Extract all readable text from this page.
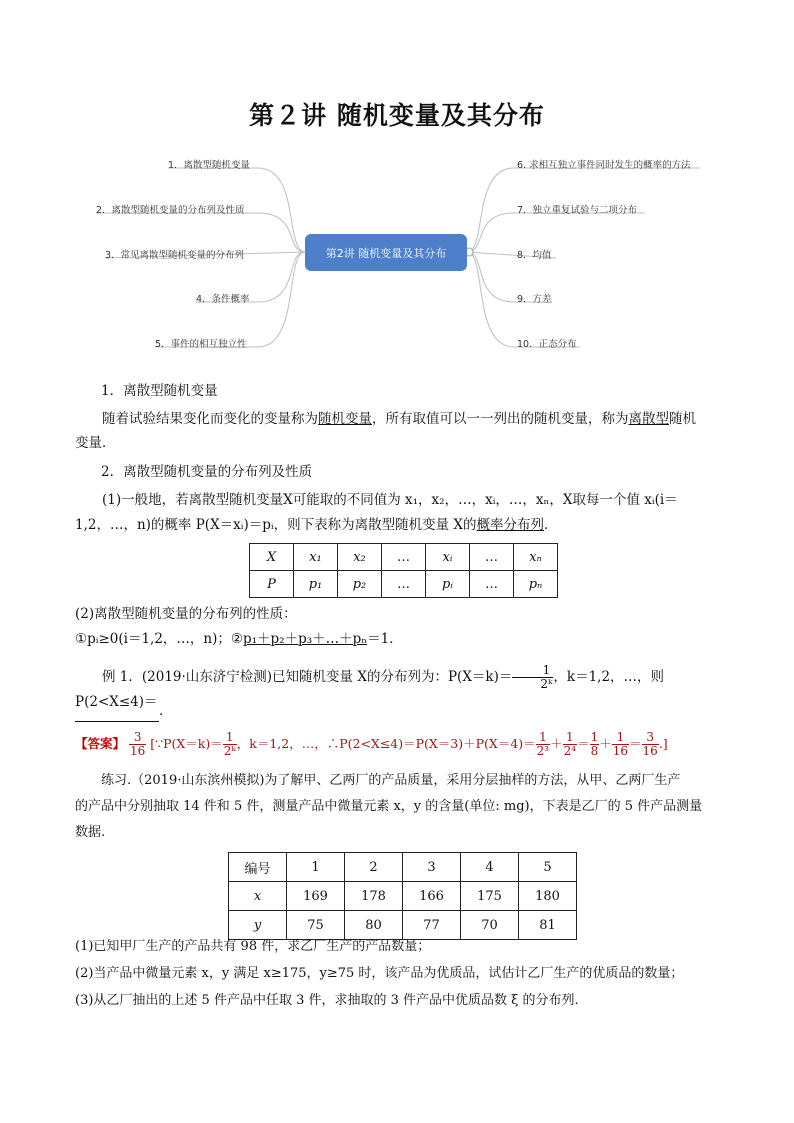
第２讲 随机变量及其分布
第2讲 随机变量及其分布
1．离散型随机变量
2．离散型随机变量的分布列及性质
3．常见离散型随机变量的分布列
4．条件概率
5．事件的相互独立性
6. 求相互独立事件同时发生的概率的方法
7．独立重复试验与二项分布
8．均值
9．方差
10．正态分布
1．离散型随机变量
随着试验结果变化而变化的变量称为随机变量，所有取值可以一一列出的随机变量，称为离散型随机
变量．
2．离散型随机变量的分布列及性质
(1)一般地，若离散型随机变量X可能取的不同值为 x₁，x₂，…，xᵢ，…，xₙ，X取每一个值 xᵢ(i＝
1,2，…，n)的概率 P(X＝xᵢ)＝pᵢ，则下表称为离散型随机变量 X的概率分布列．
X	x₁	x₂	…	xᵢ	…	xₙ
P	p₁	p₂	…	pᵢ	…	pₙ
(2)离散型随机变量的分布列的性质：
①pᵢ≥0(i＝1,2，…，n)；②p₁＋p₂＋p₃＋…＋pₙ＝1．
例 1．(2019·山东济宁检测)已知随机变量 X的分布列为：$P(X=k)= \frac{1}{\text{2ᵏ}}$ ，k＝1,2，…，则 P(2<X≤4)＝
．
【答案】 $\frac{3}{16}$ [∵P(X＝k)＝ $\frac{1}{\text{2ᵏ}}$ ，k＝1,2，…，∴P(2<X≤4)＝P(X＝3)＋P(X＝4)＝ $\frac{1}{\text{2³}} + \frac{1}{\text{2⁴}} = \frac{1}{8} + \frac{1}{16} = \frac{3}{16}$ .]
练习.（2019·山东滨州模拟)为了解甲、乙两厂的产品质量，采用分层抽样的方法，从甲、乙两厂生产
的产品中分别抽取 14 件和 5 件，测量产品中微量元素 x，y 的含量(单位: mg)，下表是乙厂的 5 件产品测量
数据.
编号	1	2	3	4	5
x	169	178	166	175	180
y	75	80	77	70	81
(1)已知甲厂生产的产品共有 98 件，求乙厂生产的产品数量；
(2)当产品中微量元素 x，y 满足 x≥175，y≥75 时，该产品为优质品，试估计乙厂生产的优质品的数量；
(3)从乙厂抽出的上述 5 件产品中任取 3 件，求抽取的 3 件产品中优质品数 ξ 的分布列.
